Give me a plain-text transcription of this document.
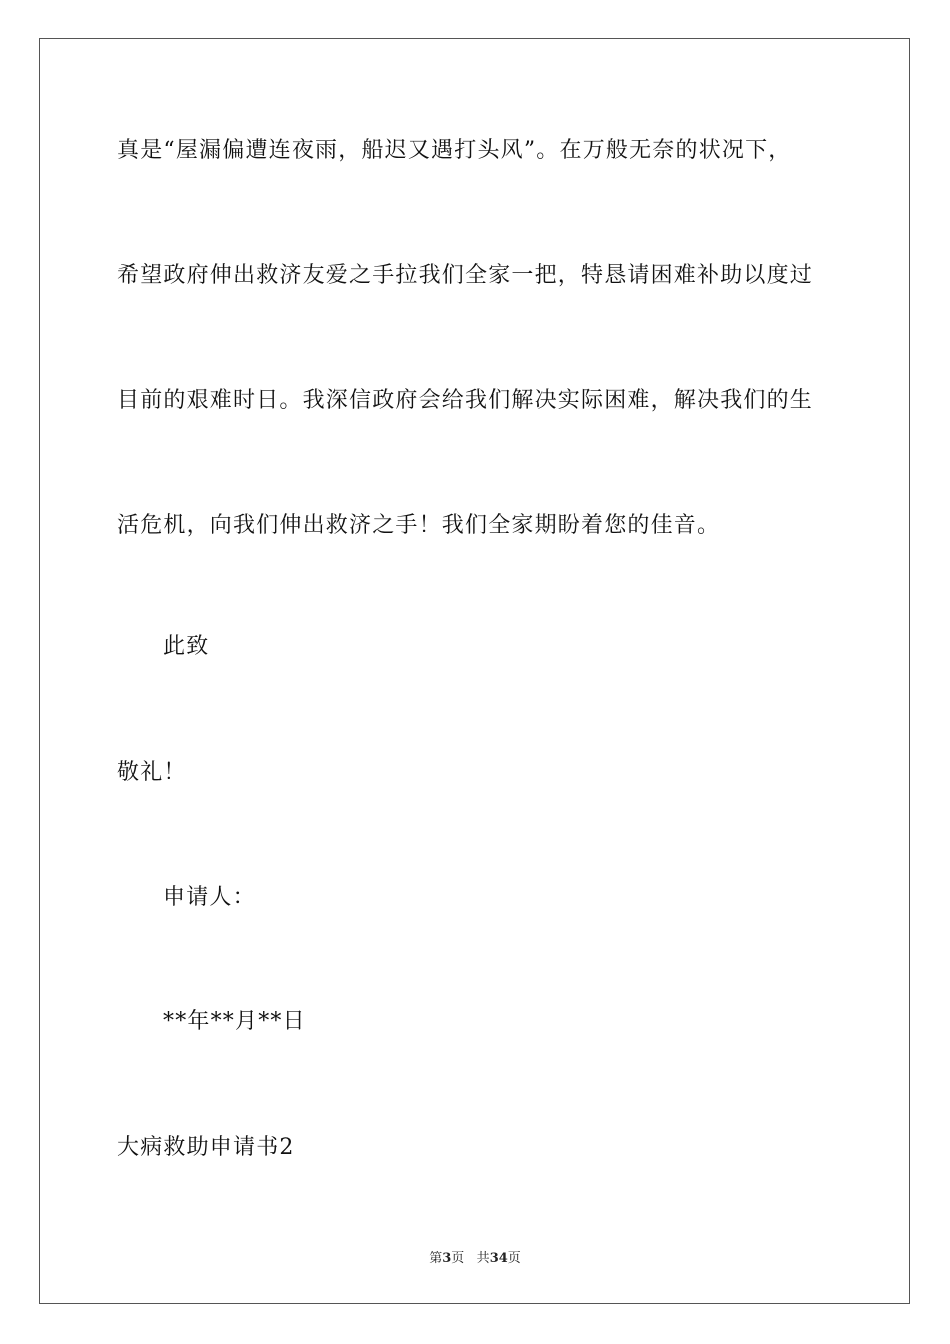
真是“屋漏偏遭连夜雨，船迟又遇打头风”。在万般无奈的状况下，
希望政府伸出救济友爱之手拉我们全家一把，特恳请困难补助以度过
目前的艰难时日。我深信政府会给我们解决实际困难，解决我们的生
活危机，向我们伸出救济之手！我们全家期盼着您的佳音。
此致
敬礼！
申请人：
**年**月**日
大病救助申请书2
第3页 共34页
